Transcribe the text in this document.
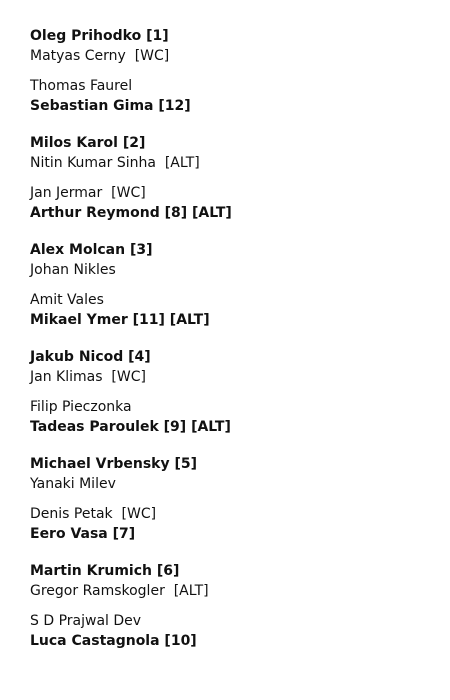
Oleg Prihodko [1]
Matyas Cerny  [WC]
Thomas Faurel
Sebastian Gima [12]
Milos Karol [2]
Nitin Kumar Sinha  [ALT]
Jan Jermar  [WC]
Arthur Reymond [8] [ALT]
Alex Molcan [3]
Johan Nikles
Amit Vales
Mikael Ymer [11] [ALT]
Jakub Nicod [4]
Jan Klimas  [WC]
Filip Pieczonka
Tadeas Paroulek [9] [ALT]
Michael Vrbensky [5]
Yanaki Milev
Denis Petak  [WC]
Eero Vasa [7]
Martin Krumich [6]
Gregor Ramskogler  [ALT]
S D Prajwal Dev
Luca Castagnola [10]
